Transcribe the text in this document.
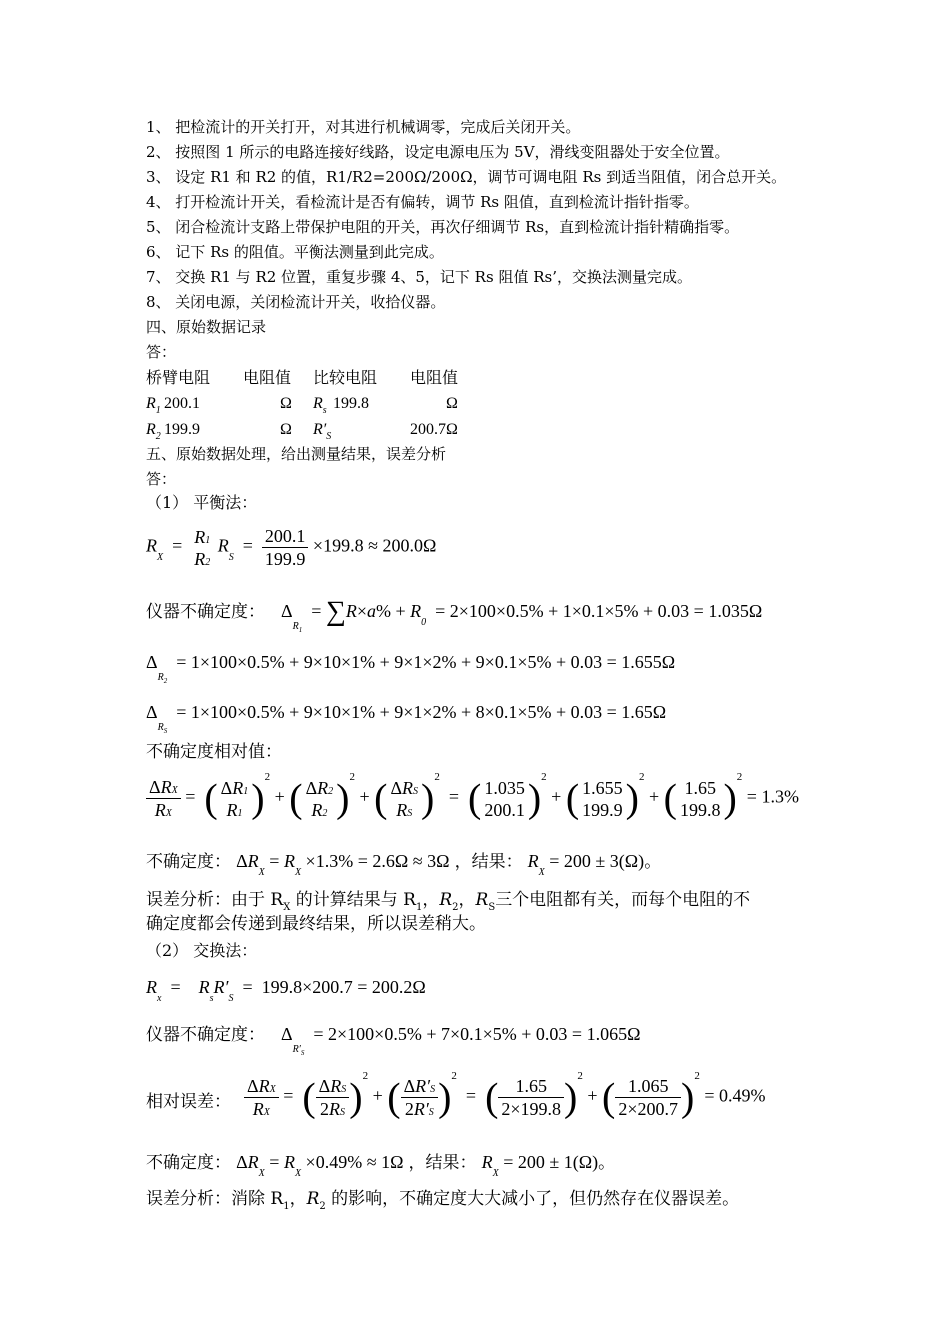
1、 把检流计的开关打开，对其进行机械调零，完成后关闭开关。
2、 按照图 1 所示的电路连接好线路，设定电源电压为 5V，滑线变阻器处于安全位置。
3、 设定 R1 和 R2 的值，R1/R2=200Ω/200Ω，调节可调电阻 Rs 到适当阻值，闭合总开关。
4、 打开检流计开关，看检流计是否有偏转，调节 Rs 阻值，直到检流计指针指零。
5、 闭合检流计支路上带保护电阻的开关，再次仔细调节 Rs，直到检流计指针精确指零。
6、 记下 Rs 的阻值。平衡法测量到此完成。
7、 交换 R1 与 R2 位置，重复步骤 4、5，记下 Rs 阻值 Rs’，交换法测量完成。
8、 关闭电源，关闭检流计开关，收拾仪器。
四、原始数据记录
答：
桥臂电阻 电阻值 比较电阻 电阻值
$R_1$ 200.1	Ω $R_s$ 199.8	Ω
$R_2$ 199.9	Ω $R'_S$	200.7Ω
五、原始数据处理，给出测量结果，误差分析
答：
（1） 平衡法：
$R_X = R1$
R2
$R_S = \frac{200.1}{199.9} \times 199.8 \approx 200.0\Omega$
仪器不确定度： $\Delta_{R_1} = \sum R\times a\% + R_0 = 2\times 100\times 0.5\% + 1\times 0.1\times 5\% + 0.03 = 1.035\Omega$
$\Delta_{R_2} = 1\times 100\times 0.5\% + 9\times 10\times 1\% + 9\times 1\times 2\% + 9\times 0.1\times 5\% + 0.03 = 1.655\Omega$
$\Delta_{R_S} = 1\times 100\times 0.5\% + 9\times 10\times 1\% + 9\times 1\times 2\% + 8\times 0.1\times 5\% + 0.03 = 1.65\Omega$
不确定度相对值：
$\frac{\text{ΔRX}}{RX}$ =  ( ΔR1
R1 )$^2$ + ( ΔR2
R2 )$^2$ + ( ΔRS
RS )$^2$  =  ( 1.035
200.1 )$^2$ + ( 1.655
199.9 )$^2$ + ( 1.65
199.8 )$^2$ = 1.3%
不确定度： $\Delta R_X = R_X \times 1.3\% = 2.6\Omega \approx 3\Omega$ ，结果： $R_X = 200 \pm 3(\Omega)$。
误差分析：由于 $R_X$ 的计算结果与 $R_1$，$R_2$，$R_S$三个电阻都有关，而每个电阻的不
确定度都会传递到最终结果，所以误差稍大。
（2） 交换法：
$R_x$  =    $R_sR'_S = 199.8\times 200.7 = 200.2\Omega$
仪器不确定度： $\Delta_{R'_S} = 2\times 100\times 0.5\% + 7\times 0.1\times 5\% + 0.03 = 1.065\Omega$
相对误差： $\frac{\text{ΔRX}}{RX}$ =  ( $\frac{\text{ΔRS}}{2RS} )^2$ + ( $\frac{\Delta R'S}{2R'S} )^2$  =  ( $\frac{1.65}{2\times 199.8} )^2$ + ( $\frac{1.065}{2\times 200.7} )^2 = 0.49\%$
不确定度： $\Delta R_X = R_X \times 0.49\% \approx 1\Omega$ ，结果： $R_X = 200 \pm 1(\Omega)$。
误差分析：消除 $R_1$，$R_2$ 的影响，不确定度大大减小了，但仍然存在仪器误差。
